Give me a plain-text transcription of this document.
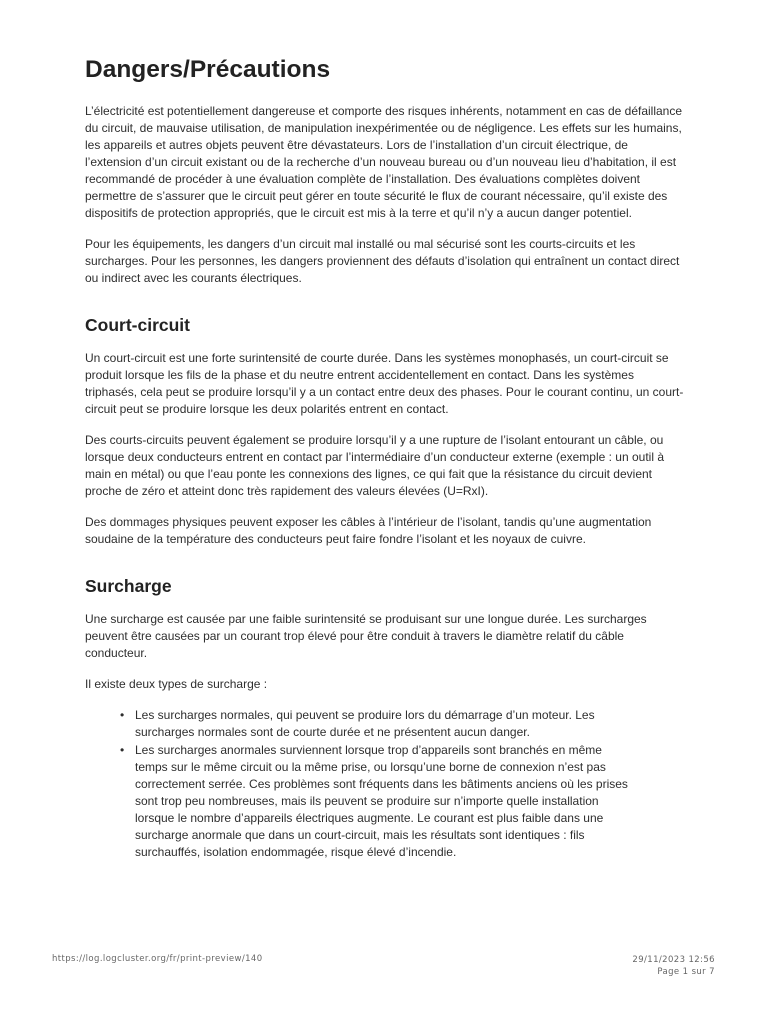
Dangers/Précautions

L’électricité est potentiellement dangereuse et comporte des risques inhérents, notamment en cas de défaillance du circuit, de mauvaise utilisation, de manipulation inexpérimentée ou de négligence. Les effets sur les humains, les appareils et autres objets peuvent être dévastateurs. Lors de l’installation d’un circuit électrique, de l’extension d’un circuit existant ou de la recherche d’un nouveau bureau ou d’un nouveau lieu d’habitation, il est recommandé de procéder à une évaluation complète de l’installation. Des évaluations complètes doivent permettre de s’assurer que le circuit peut gérer en toute sécurité le flux de courant nécessaire, qu’il existe des dispositifs de protection appropriés, que le circuit est mis à la terre et qu’il n’y a aucun danger potentiel.

Pour les équipements, les dangers d’un circuit mal installé ou mal sécurisé sont les courts-circuits et les surcharges. Pour les personnes, les dangers proviennent des défauts d’isolation qui entraînent un contact direct ou indirect avec les courants électriques.

Court-circuit

Un court-circuit est une forte surintensité de courte durée. Dans les systèmes monophasés, un court-circuit se produit lorsque les fils de la phase et du neutre entrent accidentellement en contact. Dans les systèmes triphasés, cela peut se produire lorsqu’il y a un contact entre deux des phases. Pour le courant continu, un court-circuit peut se produire lorsque les deux polarités entrent en contact.

Des courts-circuits peuvent également se produire lorsqu’il y a une rupture de l’isolant entourant un câble, ou lorsque deux conducteurs entrent en contact par l’intermédiaire d’un conducteur externe (exemple : un outil à main en métal) ou que l’eau ponte les connexions des lignes, ce qui fait que la résistance du circuit devient proche de zéro et atteint donc très rapidement des valeurs élevées (U=RxI).

Des dommages physiques peuvent exposer les câbles à l’intérieur de l’isolant, tandis qu’une augmentation soudaine de la température des conducteurs peut faire fondre l’isolant et les noyaux de cuivre.

Surcharge

Une surcharge est causée par une faible surintensité se produisant sur une longue durée. Les surcharges peuvent être causées par un courant trop élevé pour être conduit à travers le diamètre relatif du câble conducteur.

Il existe deux types de surcharge :

• Les surcharges normales, qui peuvent se produire lors du démarrage d’un moteur. Les surcharges normales sont de courte durée et ne présentent aucun danger.
• Les surcharges anormales surviennent lorsque trop d’appareils sont branchés en même temps sur le même circuit ou la même prise, ou lorsqu’une borne de connexion n’est pas correctement serrée. Ces problèmes sont fréquents dans les bâtiments anciens où les prises sont trop peu nombreuses, mais ils peuvent se produire sur n’importe quelle installation lorsque le nombre d’appareils électriques augmente. Le courant est plus faible dans une surcharge anormale que dans un court-circuit, mais les résultats sont identiques : fils surchauffés, isolation endommagée, risque élevé d’incendie.
https://log.logcluster.org/fr/print-preview/140	29/11/2023 12:56
Page 1 sur 7
